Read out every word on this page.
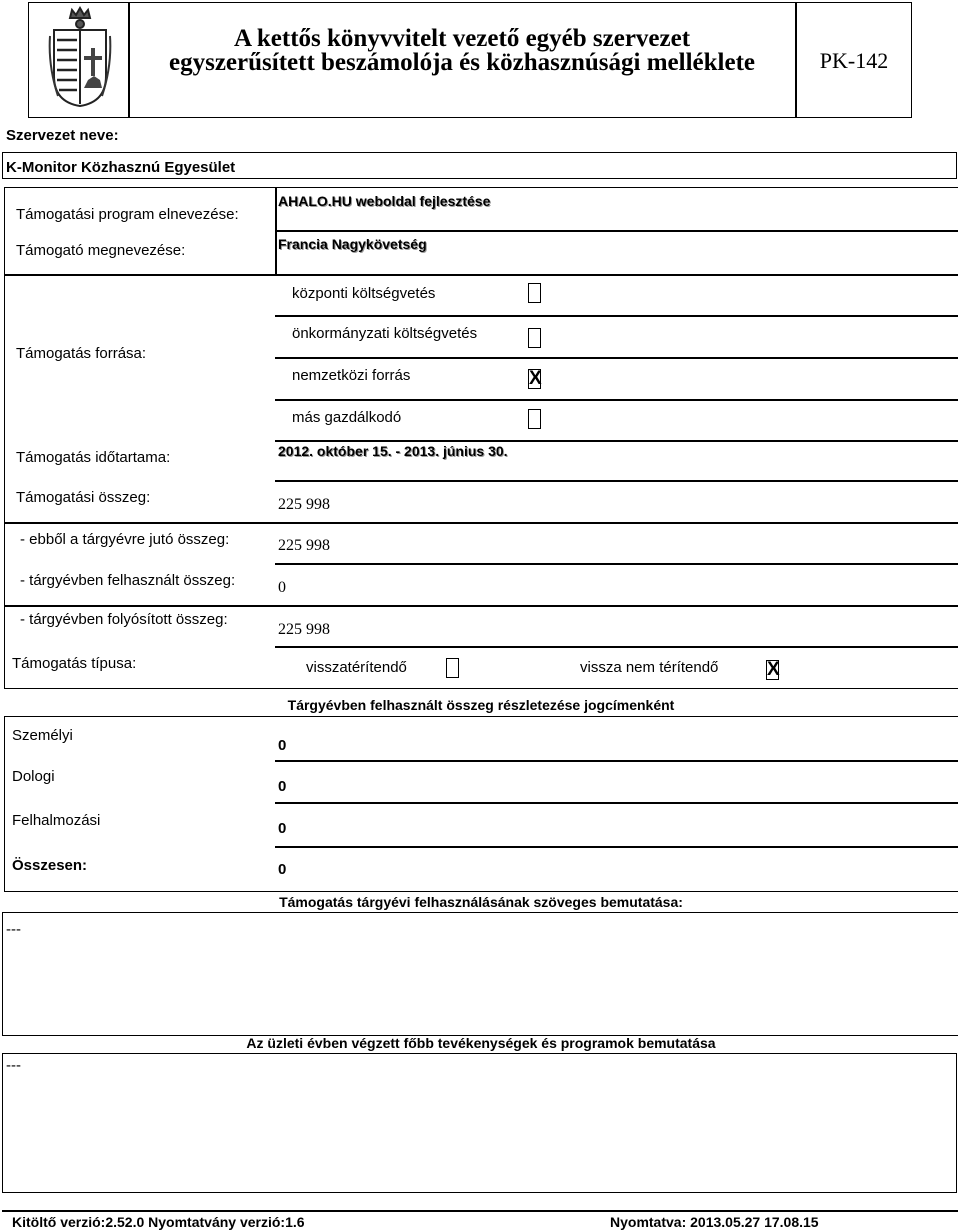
A kettős könyvvitelt vezető egyéb szervezet
egyszerűsített beszámolója és közhasznúsági melléklete	PK-142
Szervezet neve:
K-Monitor Közhasznú Egyesület
Támogatási program elnevezése:
AHALO.HU weboldal fejlesztése
Támogató megnevezése:	Francia Nagykövetség
Támogatás forrása:
központi költségvetés
önkormányzati költségvetés
nemzetközi forrás	X
más gazdálkodó
Támogatás időtartama:	2012. október 15. - 2013. június 30.
Támogatási összeg:	225 998
- ebből a tárgyévre jutó összeg:	225 998
- tárgyévben felhasznált összeg:	0
- tárgyévben folyósított összeg:
225 998
Támogatás típusa:	visszatérítendő	vissza nem térítendő	X
Tárgyévben felhasznált összeg részletezése jogcímenként
Személyi
0
Dologi
0
Felhalmozási	0
Összesen:	0
Támogatás tárgyévi felhasználásának szöveges bemutatása:
---
Az üzleti évben végzett főbb tevékenységek és programok bemutatása
---
Kitöltő verzió:2.52.0 Nyomtatvány verzió:1.6	Nyomtatva: 2013.05.27 17.08.15
